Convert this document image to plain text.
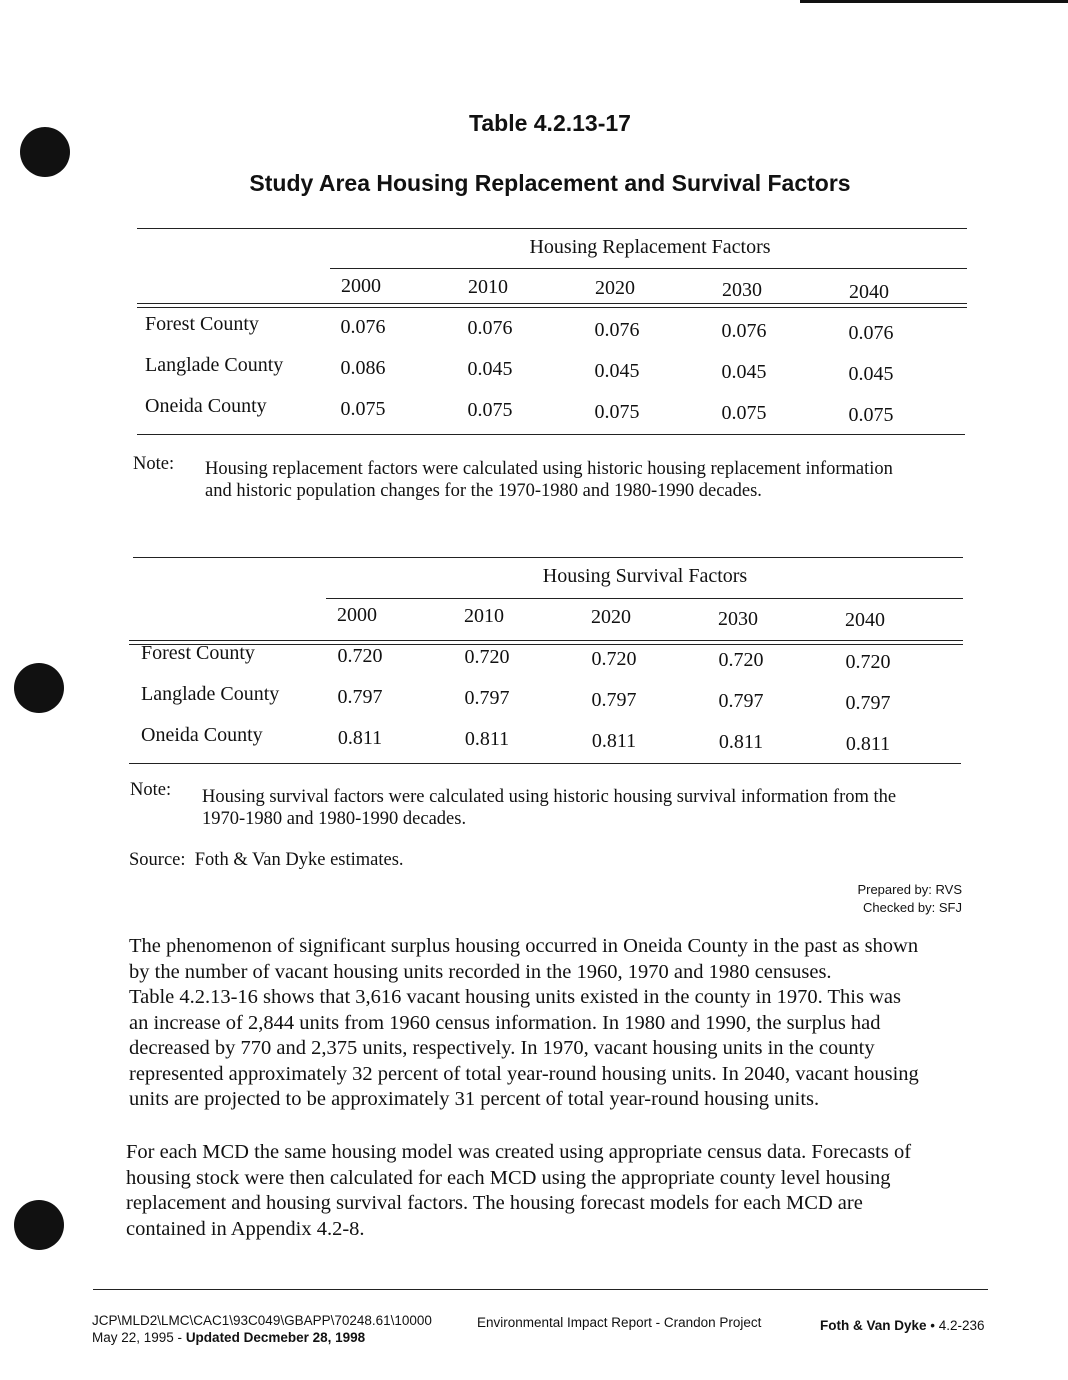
Table 4.2.13-17
Study Area Housing Replacement and Survival Factors
Housing Replacement Factors
2000	2010	2020	2030	2040
Forest County	0.076	0.076	0.076	0.076	0.076
Langlade County	0.086	0.045	0.045	0.045	0.045
Oneida County	0.075	0.075	0.075	0.075	0.075
Note: Housing replacement factors were calculated using historic housing replacement information
and historic population changes for the 1970-1980 and 1980-1990 decades.
Housing Survival Factors
2000	2010	2020	2030	2040
Forest County	0.720	0.720	0.720	0.720	0.720
Langlade County	0.797	0.797	0.797	0.797	0.797
Oneida County	0.811	0.811	0.811	0.811	0.811
Note: Housing survival factors were calculated using historic housing survival information from the
1970-1980 and 1980-1990 decades.
Source: Foth & Van Dyke estimates.
Prepared by: RVS
Checked by: SFJ
The phenomenon of significant surplus housing occurred in Oneida County in the past as shown
by the number of vacant housing units recorded in the 1960, 1970 and 1980 censuses.
Table 4.2.13-16 shows that 3,616 vacant housing units existed in the county in 1970. This was
an increase of 2,844 units from 1960 census information. In 1980 and 1990, the surplus had
decreased by 770 and 2,375 units, respectively. In 1970, vacant housing units in the county
represented approximately 32 percent of total year-round housing units. In 2040, vacant housing
units are projected to be approximately 31 percent of total year-round housing units.
For each MCD the same housing model was created using appropriate census data. Forecasts of
housing stock were then calculated for each MCD using the appropriate county level housing
replacement and housing survival factors. The housing forecast models for each MCD are
contained in Appendix 4.2-8.
JCP\MLD2\LMC\CAC1\93C049\GBAPP\70248.61\10000
May 22, 1995 - Updated Decmeber 28, 1998
Environmental Impact Report - Crandon Project	Foth & Van Dyke • 4.2-236
